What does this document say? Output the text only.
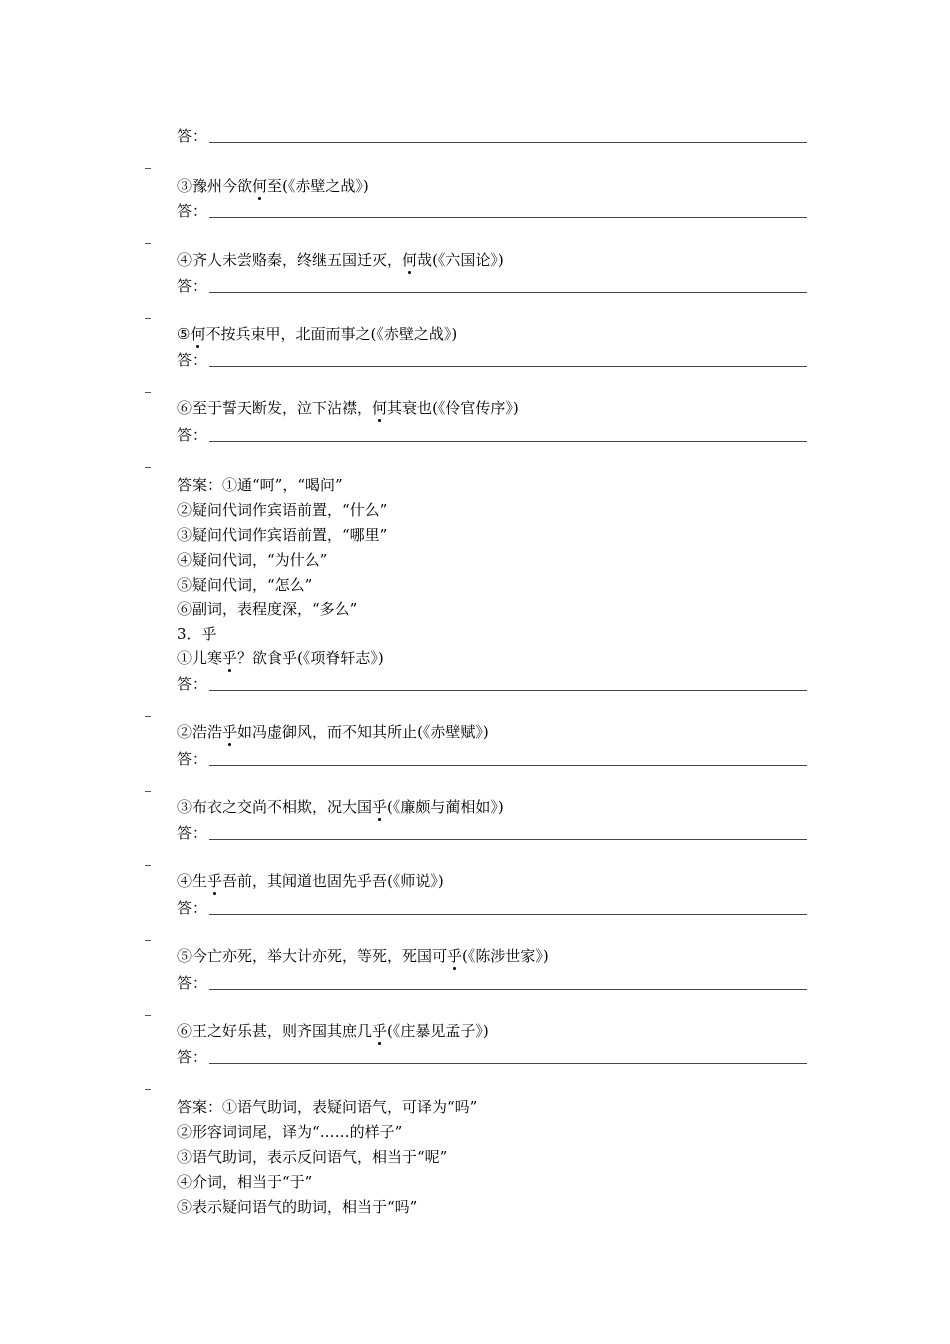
答：
③豫州今欲何至(《赤壁之战》)
答：
④齐人未尝赂秦，终继五国迁灭，何哉(《六国论》)
答：
⑤何不按兵束甲，北面而事之(《赤壁之战》)
答：
⑥至于誓天断发，泣下沾襟，何其衰也(《伶官传序》)
答：
答案：①通“呵”，“喝问”
②疑问代词作宾语前置，“什么”
③疑问代词作宾语前置，“哪里”
④疑问代词，“为什么”
⑤疑问代词，“怎么”
⑥副词，表程度深，“多么”
3．乎
①儿寒乎？欲食乎(《项脊轩志》)
答：
②浩浩乎如冯虚御风，而不知其所止(《赤壁赋》)
答：
③布衣之交尚不相欺，况大国乎(《廉颇与蔺相如》)
答：
④生乎吾前，其闻道也固先乎吾(《师说》)
答：
⑤今亡亦死，举大计亦死，等死，死国可乎(《陈涉世家》)
答：
⑥王之好乐甚，则齐国其庶几乎(《庄暴见孟子》)
答：
答案：①语气助词，表疑问语气，可译为“吗”
②形容词词尾，译为“……的样子”
③语气助词，表示反问语气，相当于“呢”
④介词，相当于“于”
⑤表示疑问语气的助词，相当于“吗”
